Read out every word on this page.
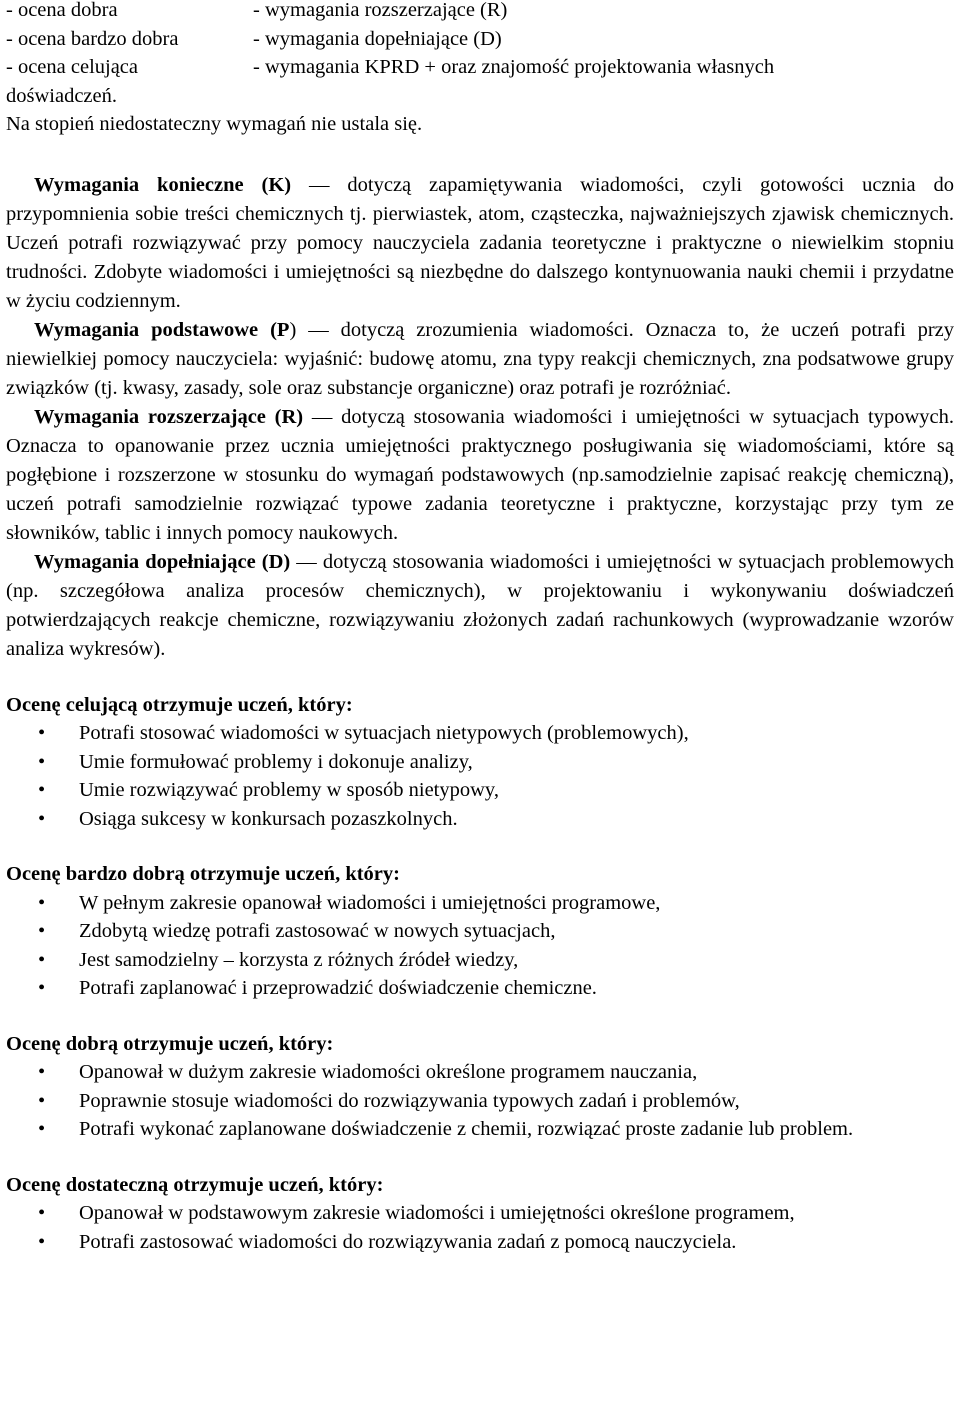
- ocena dobra	- wymagania rozszerzające (R)
- ocena bardzo dobra	- wymagania dopełniające (D)
- ocena celująca	- wymagania KPRD + oraz znajomość projektowania własnych
doświadczeń.
Na stopień niedostateczny wymagań nie ustala się.

Wymagania konieczne (K) ― dotyczą zapamiętywania wiadomości, czyli gotowości ucznia do przypomnienia sobie treści chemicznych tj. pierwiastek, atom, cząsteczka, najważniejszych zjawisk chemicznych. Uczeń potrafi rozwiązywać przy pomocy nauczyciela zadania teoretyczne i praktyczne o niewielkim stopniu trudności. Zdobyte wiadomości i umiejętności są niezbędne do dalszego kontynuowania nauki chemii i przydatne w życiu codziennym.

Wymagania podstawowe (P) ― dotyczą zrozumienia wiadomości. Oznacza to, że uczeń potrafi przy niewielkiej pomocy nauczyciela: wyjaśnić: budowę atomu, zna typy reakcji chemicznych, zna podsatwowe grupy związków (tj. kwasy, zasady, sole oraz substancje organiczne) oraz potrafi je rozróżniać.

Wymagania rozszerzające (R) ― dotyczą stosowania wiadomości i umiejętności w sytuacjach typowych. Oznacza to opanowanie przez ucznia umiejętności praktycznego posługiwania się wiadomościami, które są pogłębione i rozszerzone w stosunku do wymagań podstawowych (np.samodzielnie zapisać reakcję chemiczną), uczeń potrafi samodzielnie rozwiązać typowe zadania teoretyczne i praktyczne, korzystając przy tym ze słowników, tablic i innych pomocy naukowych.

Wymagania dopełniające (D) ― dotyczą stosowania wiadomości i umiejętności w sytuacjach problemowych (np. szczegółowa analiza procesów chemicznych), w projektowaniu i wykonywaniu doświadczeń potwierdzających reakcje chemiczne, rozwiązywaniu złożonych zadań rachunkowych (wyprowadzanie wzorów analiza wykresów).

Ocenę celującą otrzymuje uczeń, który:

• Potrafi stosować wiadomości w sytuacjach nietypowych (problemowych),
• Umie formułować problemy i dokonuje analizy,
• Umie rozwiązywać problemy w sposób nietypowy,
• Osiąga sukcesy w konkursach pozaszkolnych.

Ocenę bardzo dobrą otrzymuje uczeń, który:

• W pełnym zakresie opanował wiadomości i umiejętności programowe,
• Zdobytą wiedzę potrafi zastosować w nowych sytuacjach,
• Jest samodzielny – korzysta z różnych źródeł wiedzy,
• Potrafi zaplanować i przeprowadzić doświadczenie chemiczne.

Ocenę dobrą otrzymuje uczeń, który:

• Opanował w dużym zakresie wiadomości określone programem nauczania,
• Poprawnie stosuje wiadomości do rozwiązywania typowych zadań i problemów,
• Potrafi wykonać zaplanowane doświadczenie z chemii, rozwiązać proste zadanie lub problem.

Ocenę dostateczną otrzymuje uczeń, który:

• Opanował w podstawowym zakresie wiadomości i umiejętności określone programem,
• Potrafi zastosować wiadomości do rozwiązywania zadań z pomocą nauczyciela.
